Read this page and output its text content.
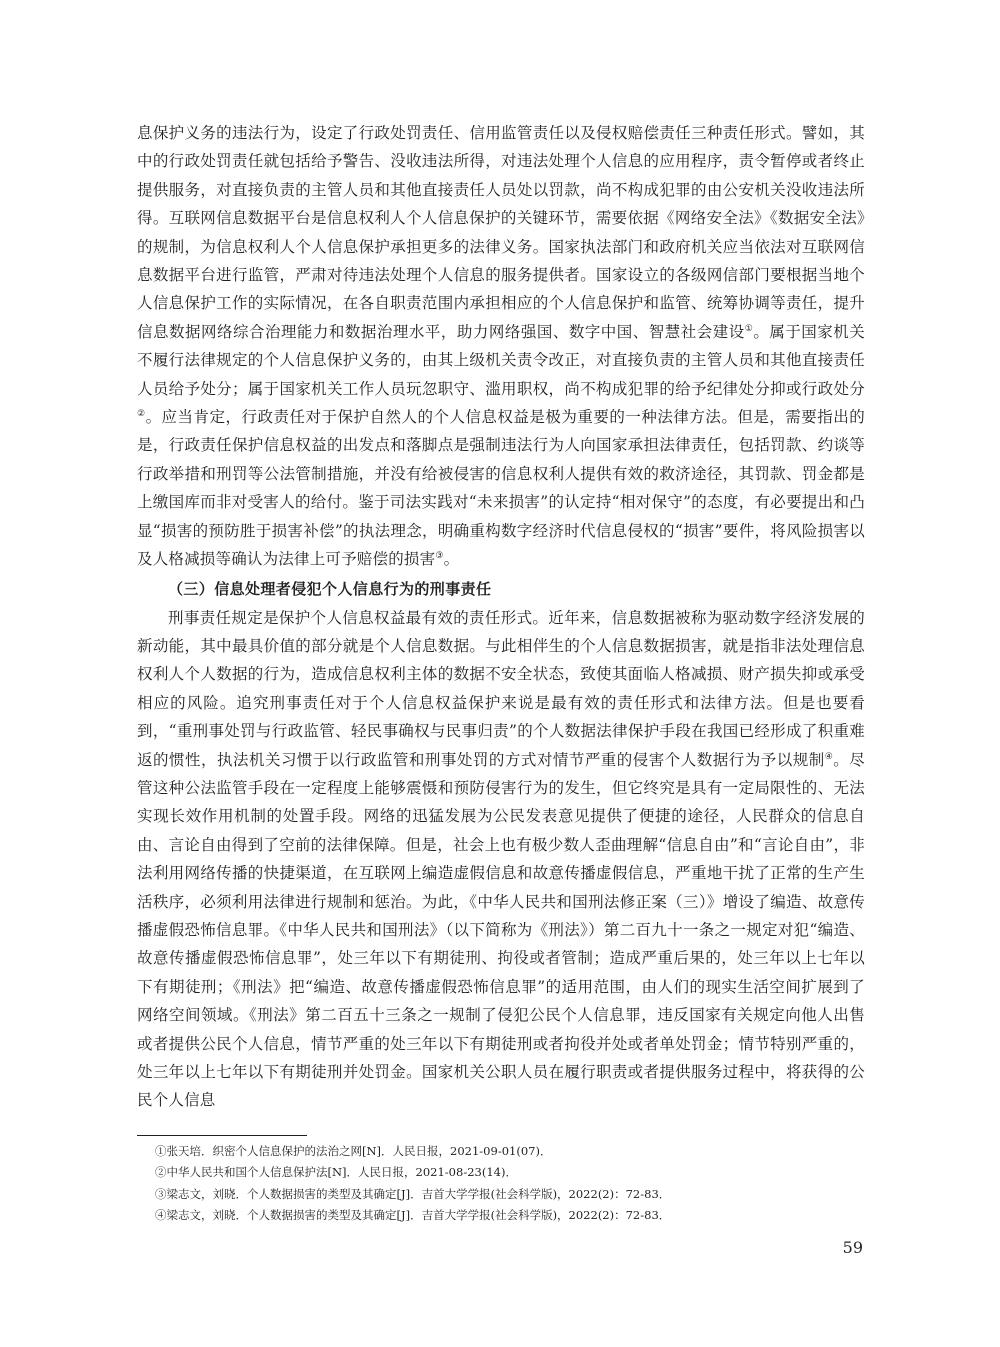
息保护义务的违法行为，设定了行政处罚责任、信用监管责任以及侵权赔偿责任三种责任形式。譬如，其中的行政处罚责任就包括给予警告、没收违法所得，对违法处理个人信息的应用程序，责令暂停或者终止提供服务，对直接负责的主管人员和其他直接责任人员处以罚款，尚不构成犯罪的由公安机关没收违法所得。互联网信息数据平台是信息权利人个人信息保护的关键环节，需要依据《网络安全法》《数据安全法》的规制，为信息权利人个人信息保护承担更多的法律义务。国家执法部门和政府机关应当依法对互联网信息数据平台进行监管，严肃对待违法处理个人信息的服务提供者。国家设立的各级网信部门要根据当地个人信息保护工作的实际情况，在各自职责范围内承担相应的个人信息保护和监管、统筹协调等责任，提升信息数据网络综合治理能力和数据治理水平，助力网络强国、数字中国、智慧社会建设①。属于国家机关不履行法律规定的个人信息保护义务的，由其上级机关责令改正，对直接负责的主管人员和其他直接责任人员给予处分；属于国家机关工作人员玩忽职守、滥用职权，尚不构成犯罪的给予纪律处分抑或行政处分②。应当肯定，行政责任对于保护自然人的个人信息权益是极为重要的一种法律方法。但是，需要指出的是，行政责任保护信息权益的出发点和落脚点是强制违法行为人向国家承担法律责任，包括罚款、约谈等行政举措和刑罚等公法管制措施，并没有给被侵害的信息权利人提供有效的救济途径，其罚款、罚金都是上缴国库而非对受害人的给付。鉴于司法实践对“未来损害”的认定持“相对保守”的态度，有必要提出和凸显“损害的预防胜于损害补偿”的执法理念，明确重构数字经济时代信息侵权的“损害”要件，将风险损害以及人格减损等确认为法律上可予赔偿的损害③。

（三）信息处理者侵犯个人信息行为的刑事责任

刑事责任规定是保护个人信息权益最有效的责任形式。近年来，信息数据被称为驱动数字经济发展的新动能，其中最具价值的部分就是个人信息数据。与此相伴生的个人信息数据损害，就是指非法处理信息权利人个人数据的行为，造成信息权利主体的数据不安全状态，致使其面临人格减损、财产损失抑或承受相应的风险。追究刑事责任对于个人信息权益保护来说是最有效的责任形式和法律方法。但是也要看到，“重刑事处罚与行政监管、轻民事确权与民事归责”的个人数据法律保护手段在我国已经形成了积重难返的惯性，执法机关习惯于以行政监管和刑事处罚的方式对情节严重的侵害个人数据行为予以规制④。尽管这种公法监管手段在一定程度上能够震慑和预防侵害行为的发生，但它终究是具有一定局限性的、无法实现长效作用机制的处置手段。网络的迅猛发展为公民发表意见提供了便捷的途径，人民群众的信息自由、言论自由得到了空前的法律保障。但是，社会上也有极少数人歪曲理解“信息自由”和“言论自由”，非法利用网络传播的快捷渠道，在互联网上编造虚假信息和故意传播虚假信息，严重地干扰了正常的生产生活秩序，必须利用法律进行规制和惩治。为此，《中华人民共和国刑法修正案（三）》增设了编造、故意传播虚假恐怖信息罪。《中华人民共和国刑法》（以下简称为《刑法》）第二百九十一条之一规定对犯“编造、故意传播虚假恐怖信息罪”，处三年以下有期徒刑、拘役或者管制；造成严重后果的，处三年以上七年以下有期徒刑；《刑法》把“编造、故意传播虚假恐怖信息罪”的适用范围，由人们的现实生活空间扩展到了网络空间领域。《刑法》第二百五十三条之一规制了侵犯公民个人信息罪，违反国家有关规定向他人出售或者提供公民个人信息，情节严重的处三年以下有期徒刑或者拘役并处或者单处罚金；情节特别严重的，处三年以上七年以下有期徒刑并处罚金。国家机关公职人员在履行职责或者提供服务过程中，将获得的公民个人信息

①张天培．织密个人信息保护的法治之网[N]．人民日报，2021-09-01(07)．

②中华人民共和国个人信息保护法[N]．人民日报，2021-08-23(14)．

③梁志文，刘晓．个人数据损害的类型及其确定[J]．吉首大学学报(社会科学版)，2022(2)：72-83．

④梁志文，刘晓．个人数据损害的类型及其确定[J]．吉首大学学报(社会科学版)，2022(2)：72-83．

59
